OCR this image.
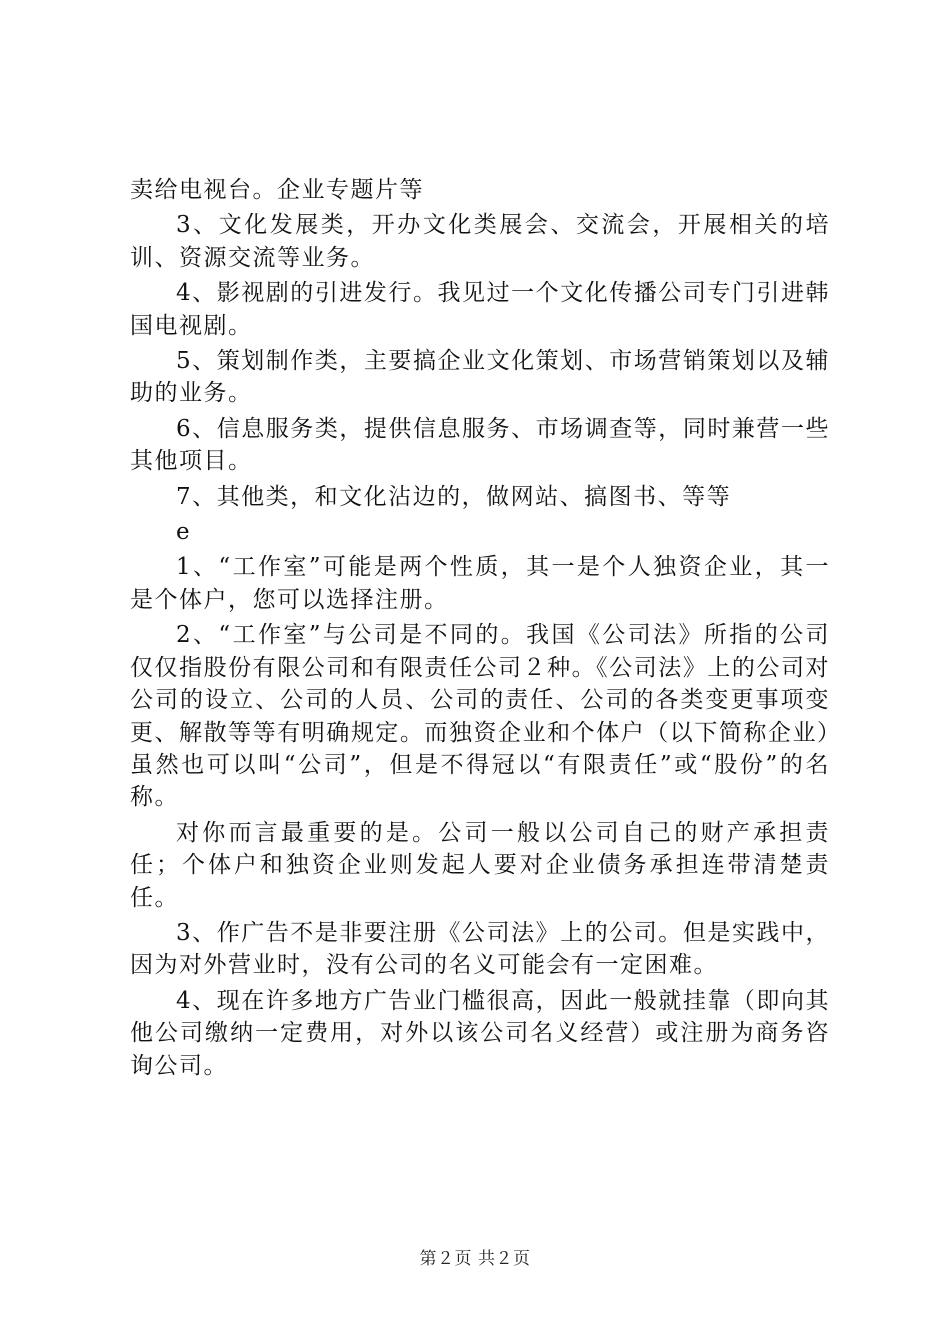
卖给电视台。企业专题片等

3、文化发展类，开办文化类展会、交流会，开展相关的培训、资源交流等业务。

4、影视剧的引进发行。我见过一个文化传播公司专门引进韩国电视剧。

5、策划制作类，主要搞企业文化策划、市场营销策划以及辅助的业务。

6、信息服务类，提供信息服务、市场调查等，同时兼营一些其他项目。

7、其他类，和文化沾边的，做网站、搞图书、等等

e

1、“工作室”可能是两个性质，其一是个人独资企业，其一是个体户，您可以选择注册。

2、“工作室”与公司是不同的。我国《公司法》所指的公司仅仅指股份有限公司和有限责任公司２种。《公司法》上的公司对公司的设立、公司的人员、公司的责任、公司的各类变更事项变更、解散等等有明确规定。而独资企业和个体户（以下简称企业）虽然也可以叫“公司”，但是不得冠以“有限责任”或“股份”的名称。

对你而言最重要的是。公司一般以公司自己的财产承担责任；个体户和独资企业则发起人要对企业债务承担连带清楚责任。

3、作广告不是非要注册《公司法》上的公司。但是实践中，因为对外营业时，没有公司的名义可能会有一定困难。

4、现在许多地方广告业门槛很高，因此一般就挂靠（即向其他公司缴纳一定费用，对外以该公司名义经营）或注册为商务咨询公司。

第２页 共２页
